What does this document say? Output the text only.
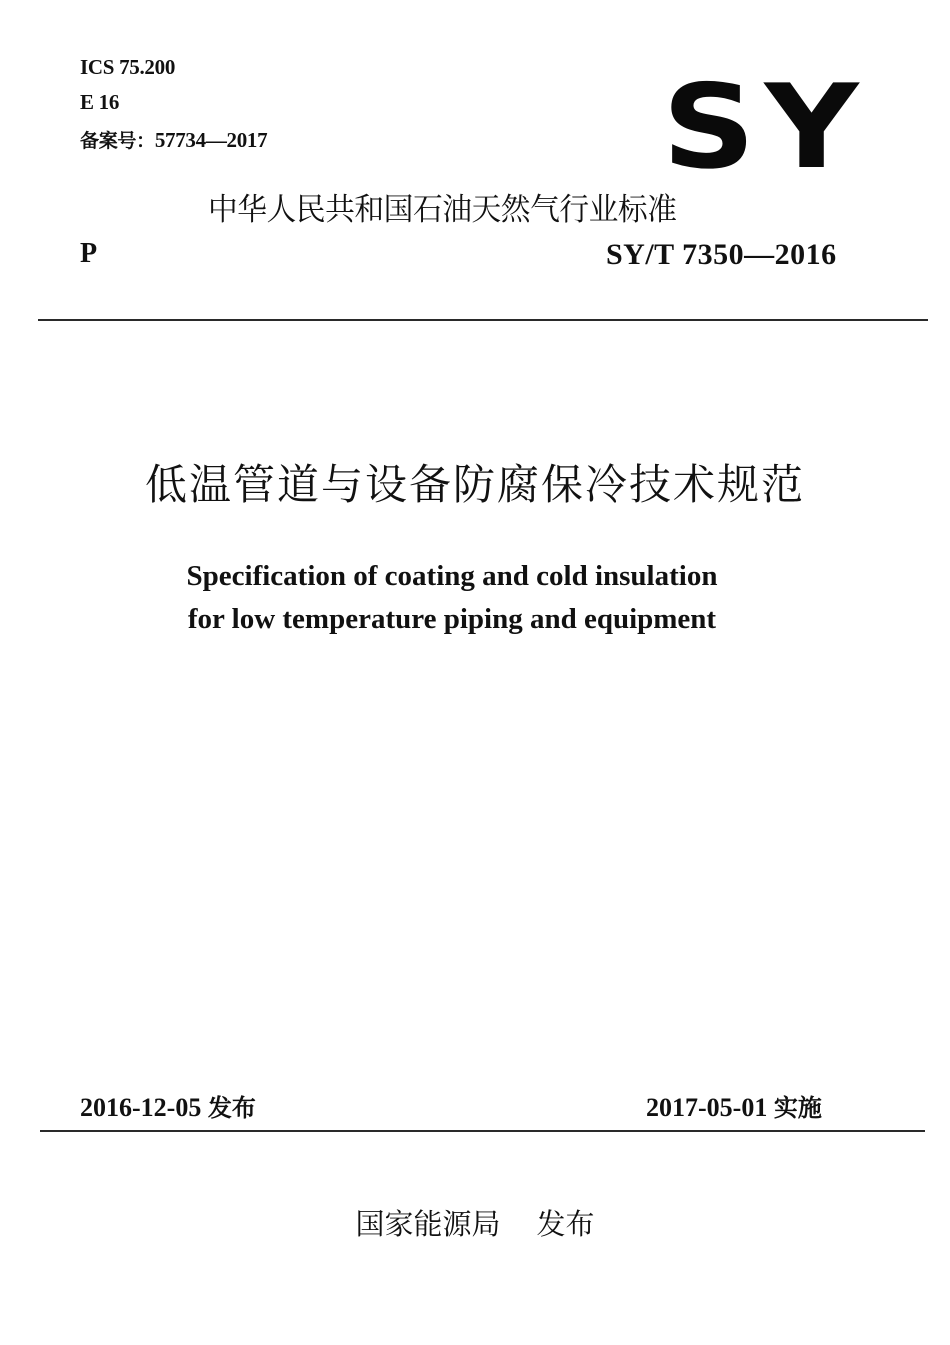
ICS 75.200
E 16
备案号：57734—2017	SY
中华人民共和国石油天然气行业标准
P	SY/T 7350—2016
低温管道与设备防腐保冷技术规范
Specification of coating and cold insulation
for low temperature piping and equipment
2016-12-05 发布	2017-05-01 实施
国家能源局 发布
